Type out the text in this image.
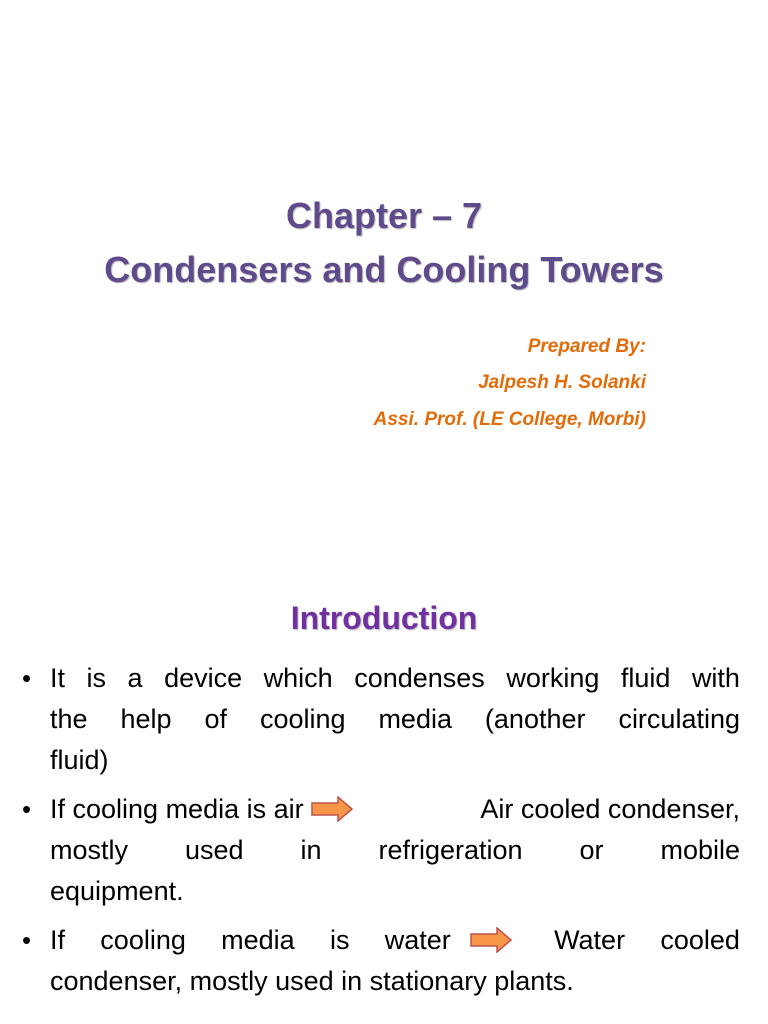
Chapter – 7
Condensers and Cooling Towers
Prepared By:
Jalpesh H. Solanki
Assi. Prof. (LE College, Morbi)
Introduction
• It is a device which condenses working fluid with
the help of cooling media (another circulating
fluid)
• If cooling media is air	Air cooled condenser,
mostly used in refrigeration or mobile
equipment.
• If cooling media is water	Water cooled
condenser, mostly used in stationary plants.
